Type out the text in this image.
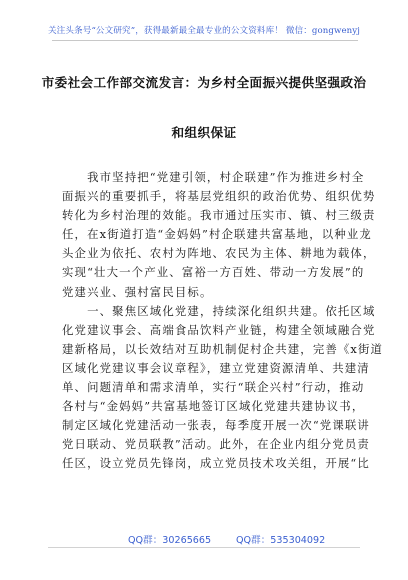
关注头条号“公文研究”，获得最新最全最专业的公文资料库！ 微信：gongwenyj
市委社会工作部交流发言：为乡村全面振兴提供坚强政治
和组织保证
　　我市坚持把“党建引领，村企联建”作为推进乡村全
面振兴的重要抓手，将基层党组织的政治优势、组织优势
转化为乡村治理的效能。我市通过压实市、镇、村三级责
任，在x街道打造“金妈妈”村企联建共富基地，以种业龙
头企业为依托、农村为阵地、农民为主体、耕地为载体，
实现“壮大一个产业、富裕一方百姓、带动一方发展”的
党建兴业、强村富民目标。
　　一、聚焦区域化党建，持续深化组织共建。依托区域
化党建议事会、高端食品饮料产业链，构建全领域融合党
建新格局，以长效结对互助机制促村企共建，完善《x街道
区域化党建议事会议章程》，建立党建资源清单、共建清
单、问题清单和需求清单，实行“联企兴村”行动，推动
各村与“金妈妈”共富基地签订区域化党建共建协议书，
制定区域化党建活动一张表，每季度开展一次“党课联讲
党日联动、党员联教”活动。此外，在企业内组分党员责
任区，设立党员先锋岗，成立党员技术攻关组，开展“比
QQ群：30265665	QQ群：535304092
